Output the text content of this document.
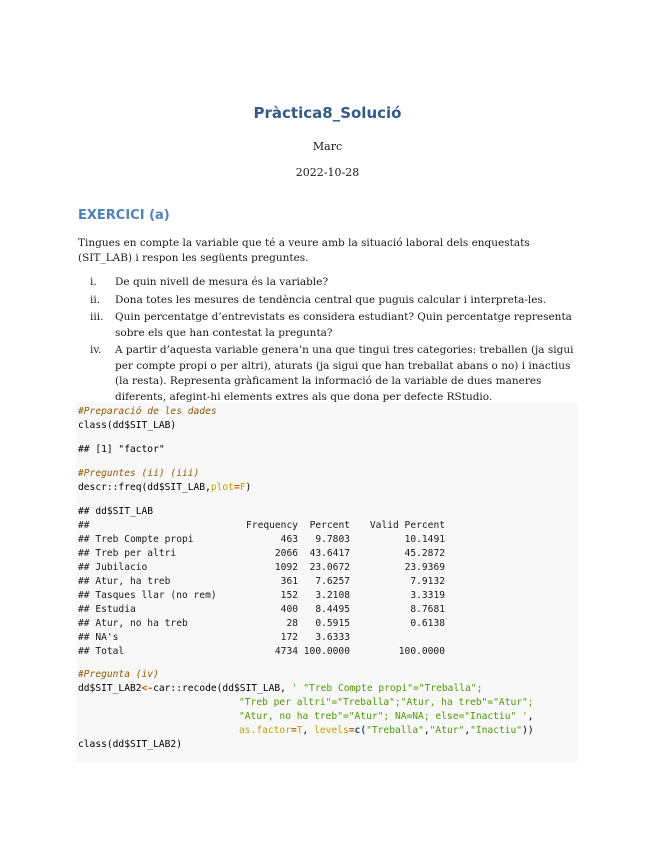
Pràctica8_Solució
Marc
2022-10-28
EXERCICI (a)
Tingues en compte la variable que té a veure amb la situació laboral dels enquestats (SIT_LAB) i respon les següents preguntes.
i. De quin nivell de mesura és la variable?
ii. Dona totes les mesures de tendència central que puguis calcular i interpreta-les.
iii. Quin percentatge d’entrevistats es considera estudiant? Quin percentatge representa sobre els que han contestat la pregunta?
iv. A partir d’aquesta variable genera’n una que tingui tres categories: treballen (ja sigui per compte propi o per altri), aturats (ja sigui que han treballat abans o no) i inactius (la resta). Representa gràficament la informació de la variable de dues maneres diferents, afegint-hi elements extres als que dona per defecte RStudio.
#Preparació de les dades
class(dd$SIT_LAB)
## [1] "factor"
#Preguntes (ii) (iii)
descr::freq(dd$SIT_LAB,plot=F)
## dd$SIT_LAB
##	Frequency	Percent	Valid Percent
## Treb Compte propi	463	9.7803	10.1491
## Treb per altri	2066	43.6417	45.2872
## Jubilacio	1092	23.0672	23.9369
## Atur, ha treb	361	7.6257	7.9132
## Tasques llar (no rem)	152	3.2108	3.3319
## Estudia	400	8.4495	8.7681
## Atur, no ha treb	28	0.5915	0.6138
## NA's	172	3.6333	
## Total	4734	100.0000	100.0000
#Pregunta (iv)
dd$SIT_LAB2<-car::recode(dd$SIT_LAB, ' "Treb Compte propi"="Treballa";
"Treb per altri"="Treballa";"Atur, ha treb"="Atur";
"Atur, no ha treb"="Atur"; NA=NA; else="Inactiu" ',
as.factor=T, levels=c("Treballa","Atur","Inactiu"))
class(dd$SIT_LAB2)
